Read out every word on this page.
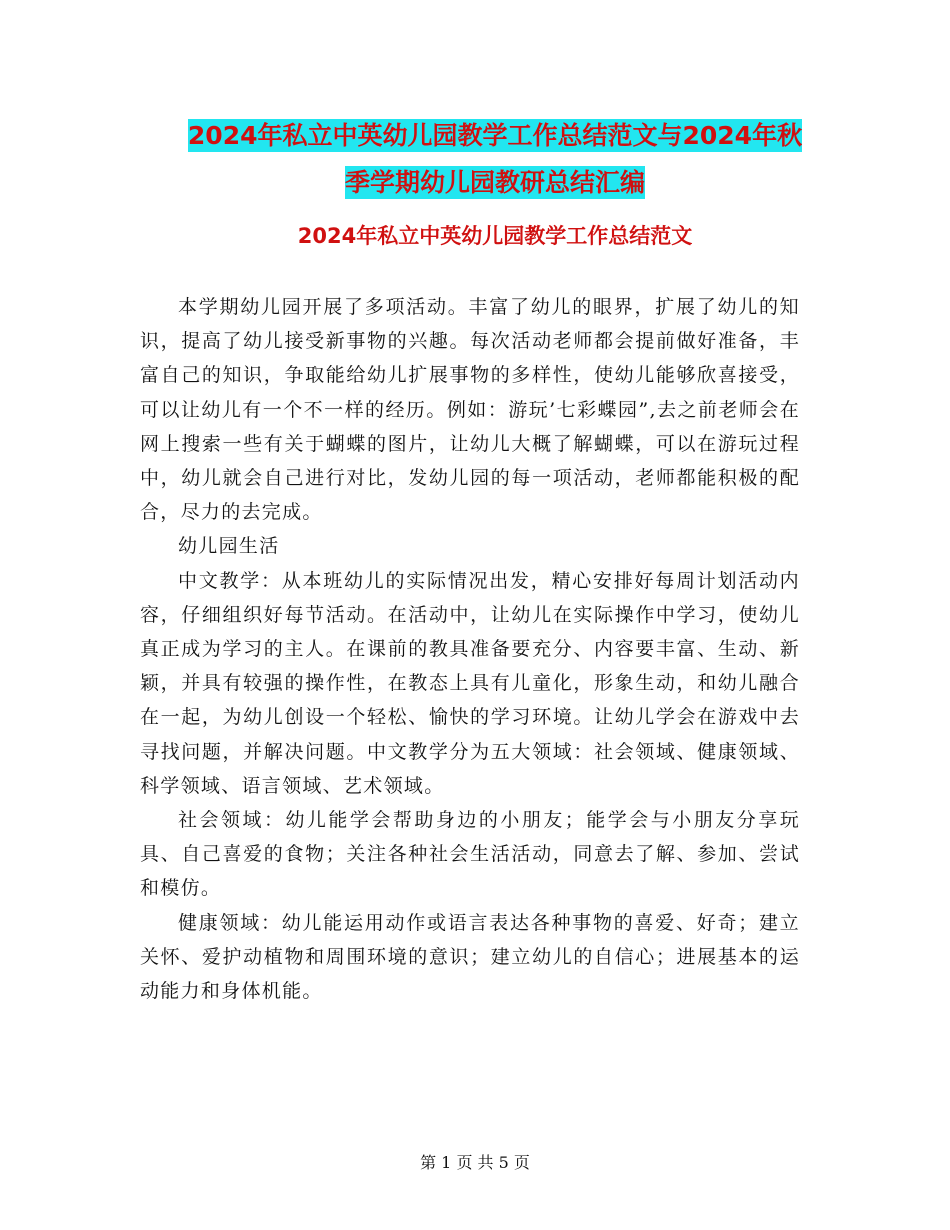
2024年私立中英幼儿园教学工作总结范文与2024年秋
季学期幼儿园教研总结汇编
2024年私立中英幼儿园教学工作总结范文

本学期幼儿园开展了多项活动。丰富了幼儿的眼界，扩展了幼儿的知识，提高了幼儿接受新事物的兴趣。每次活动老师都会提前做好准备，丰富自己的知识，争取能给幼儿扩展事物的多样性，使幼儿能够欣喜接受，可以让幼儿有一个不一样的经历。例如：游玩’七彩蝶园”,去之前老师会在网上搜索一些有关于蝴蝶的图片，让幼儿大概了解蝴蝶，可以在游玩过程中，幼儿就会自己进行对比，发幼儿园的每一项活动，老师都能积极的配合，尽力的去完成。

幼儿园生活

中文教学：从本班幼儿的实际情况出发，精心安排好每周计划活动内容，仔细组织好每节活动。在活动中，让幼儿在实际操作中学习，使幼儿真正成为学习的主人。在课前的教具准备要充分、内容要丰富、生动、新颖，并具有较强的操作性，在教态上具有儿童化，形象生动，和幼儿融合在一起，为幼儿创设一个轻松、愉快的学习环境。让幼儿学会在游戏中去寻找问题，并解决问题。中文教学分为五大领域：社会领域、健康领域、科学领域、语言领域、艺术领域。

社会领域：幼儿能学会帮助身边的小朋友；能学会与小朋友分享玩具、自己喜爱的食物；关注各种社会生活活动，同意去了解、参加、尝试和模仿。

健康领域：幼儿能运用动作或语言表达各种事物的喜爱、好奇；建立关怀、爱护动植物和周围环境的意识；建立幼儿的自信心；进展基本的运动能力和身体机能。

第 1 页 共 5 页
